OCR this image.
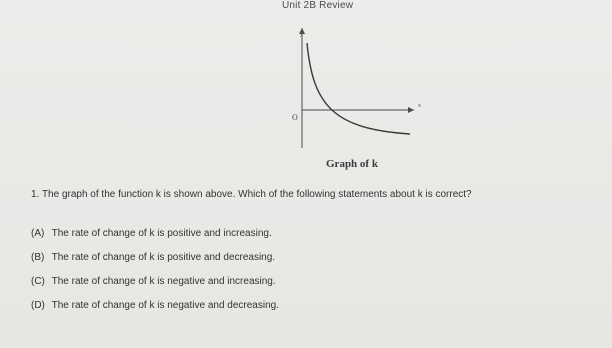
Unit 2B Review
y
x
O
Graph of k
1. The graph of the function k is shown above. Which of the following statements about k is correct?
(A) The rate of change of k is positive and increasing.
(B) The rate of change of k is positive and decreasing.
(C) The rate of change of k is negative and increasing.
(D) The rate of change of k is negative and decreasing.
